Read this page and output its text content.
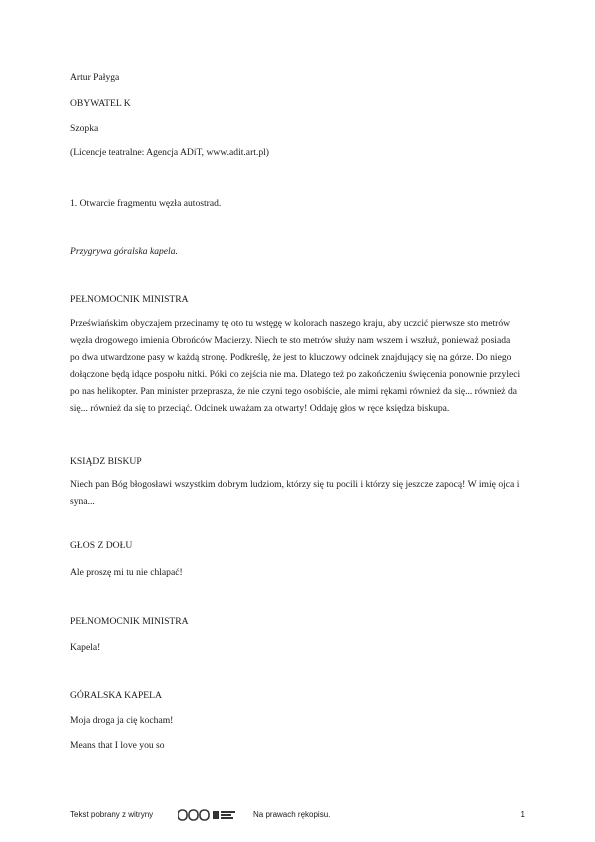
Artur Pałyga

OBYWATEL K

Szopka

(Licencje teatralne: Agencja ADiT, www.adit.art.pl)

1. Otwarcie fragmentu węzła autostrad.

Przygrywa góralska kapela.

PEŁNOMOCNIK MINISTRA

Przeświańskim obyczajem przecinamy tę oto tu wstęgę w kolorach naszego kraju, aby uczcić pierwsze sto metrów węzła drogowego imienia Obrońców Macierzy. Niech te sto metrów służy nam wszem i wszłuż, ponieważ posiada po dwa utwardzone pasy w każdą stronę. Podkreślę, że jest to kluczowy odcinek znajdujący się na górze. Do niego dołączone będą idące pospołu nitki. Póki co zejścia nie ma. Dlatego też po zakończeniu święcenia ponownie przyleci po nas helikopter. Pan minister przeprasza, że nie czyni tego osobiście, ale mimi rękami również da się... również da się... również da się to przeciąć. Odcinek uważam za otwarty! Oddaję głos w ręce księdza biskupa.

KSIĄDZ BISKUP

Niech pan Bóg błogosławi wszystkim dobrym ludziom, którzy się tu pocili i którzy się jeszcze zapocą! W imię ojca i syna...

GŁOS Z DOŁU

Ale proszę mi tu nie chlapać!

PEŁNOMOCNIK MINISTRA

Kapela!

GÓRALSKA KAPELA

Moja droga ja cię kocham!

Means that I love you so

Tekst pobrany z witryny	Na prawach rękopisu.	1
